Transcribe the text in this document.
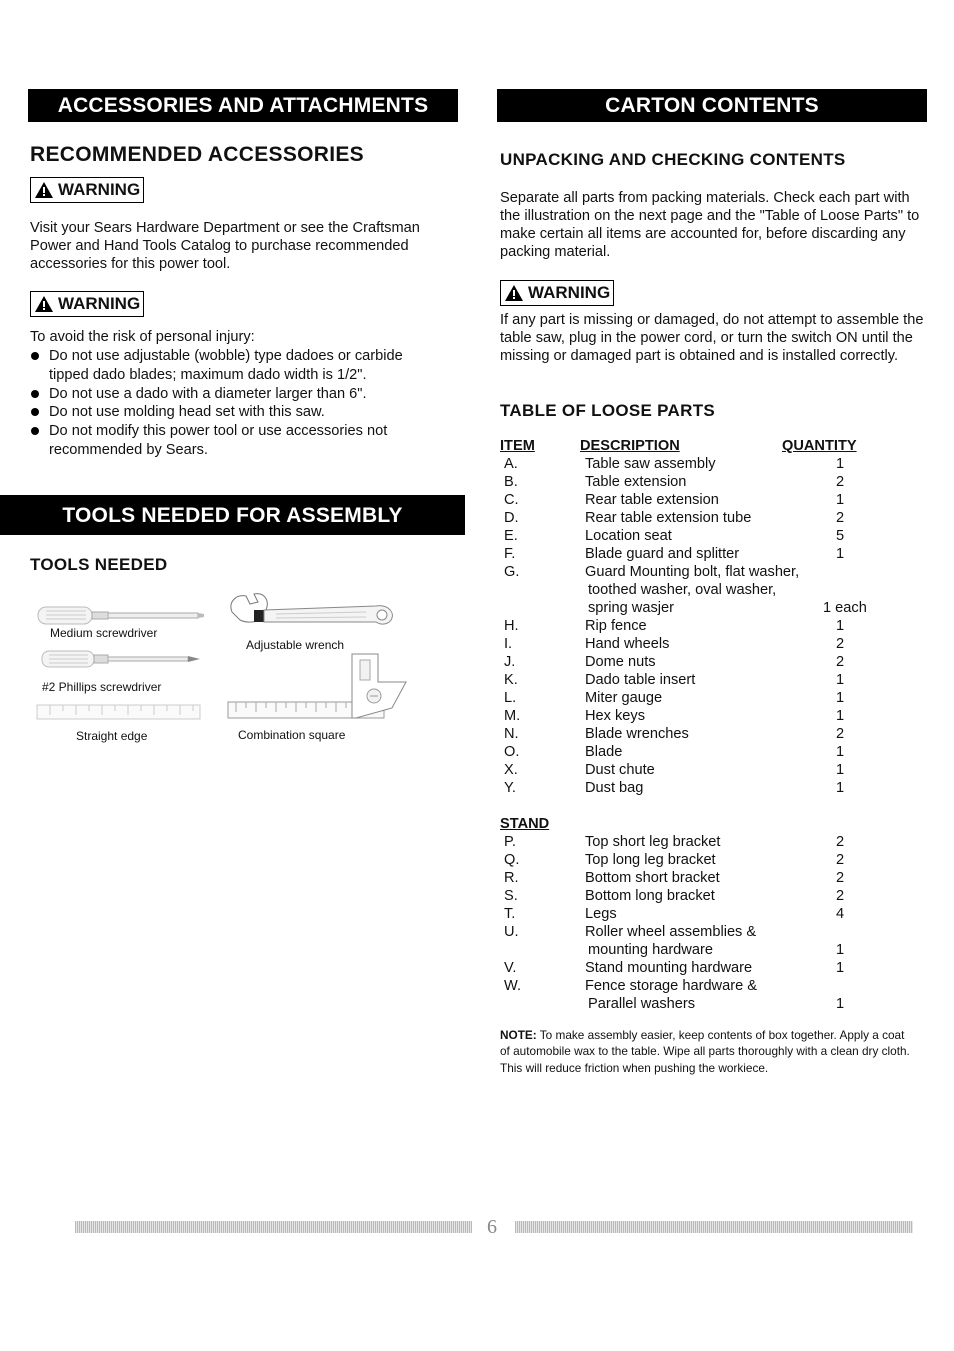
ACCESSORIES AND ATTACHMENTS
RECOMMENDED ACCESSORIES
WARNING
Visit your Sears Hardware Department or see the Craftsman Power and Hand Tools Catalog to purchase recommended accessories for this power tool.
WARNING
To avoid the risk of personal injury:
Do not use adjustable (wobble) type dadoes or carbide tipped dado blades; maximum dado width is 1/2".
Do not use a dado with a diameter larger than 6".
Do not use molding head set with this saw.
Do not modify this power tool or use accessories not recommended by Sears.
TOOLS NEEDED FOR ASSEMBLY
TOOLS NEEDED
Medium screwdriver
#2 Phillips screwdriver
Straight edge
Adjustable wrench
Combination square
CARTON CONTENTS
UNPACKING AND CHECKING CONTENTS
Separate all parts from packing materials. Check each part with the illustration on the next page and the "Table of Loose Parts" to make certain all items are accounted for, before discarding any packing material.
WARNING
If any part is missing or damaged, do not attempt to assemble the table saw, plug in the power cord, or turn the switch ON until the missing or damaged part is obtained and is installed correctly.
TABLE OF LOOSE PARTS
ITEM	DESCRIPTION	QUANTITY
A.	Table saw assembly	1
B.	Table extension	2
C.	Rear table extension	1
D.	Rear table extension tube	2
E.	Location seat	5
F.	Blade guard and splitter	1
G.	Guard Mounting bolt, flat washer,
toothed washer, oval washer,
spring wasjer	1 each
H.	Rip fence	1
I.	Hand wheels	2
J.	Dome nuts	2
K.	Dado table insert	1
L.	Miter gauge	1
M.	Hex keys	1
N.	Blade wrenches	2
O.	Blade	1
X.	Dust chute	1
Y.	Dust bag	1
STAND
P.	Top short leg bracket	2
Q.	Top long leg bracket	2
R.	Bottom short bracket	2
S.	Bottom long bracket	2
T.	Legs	4
U.	Roller wheel assemblies &
mounting hardware	1
V.	Stand mounting hardware	1
W.	Fence storage hardware &
Parallel washers	1
NOTE: To make assembly easier, keep contents of box together. Apply a coat of automobile wax to the table. Wipe all parts thoroughly with a clean dry cloth. This will reduce friction when pushing the workiece.
6
